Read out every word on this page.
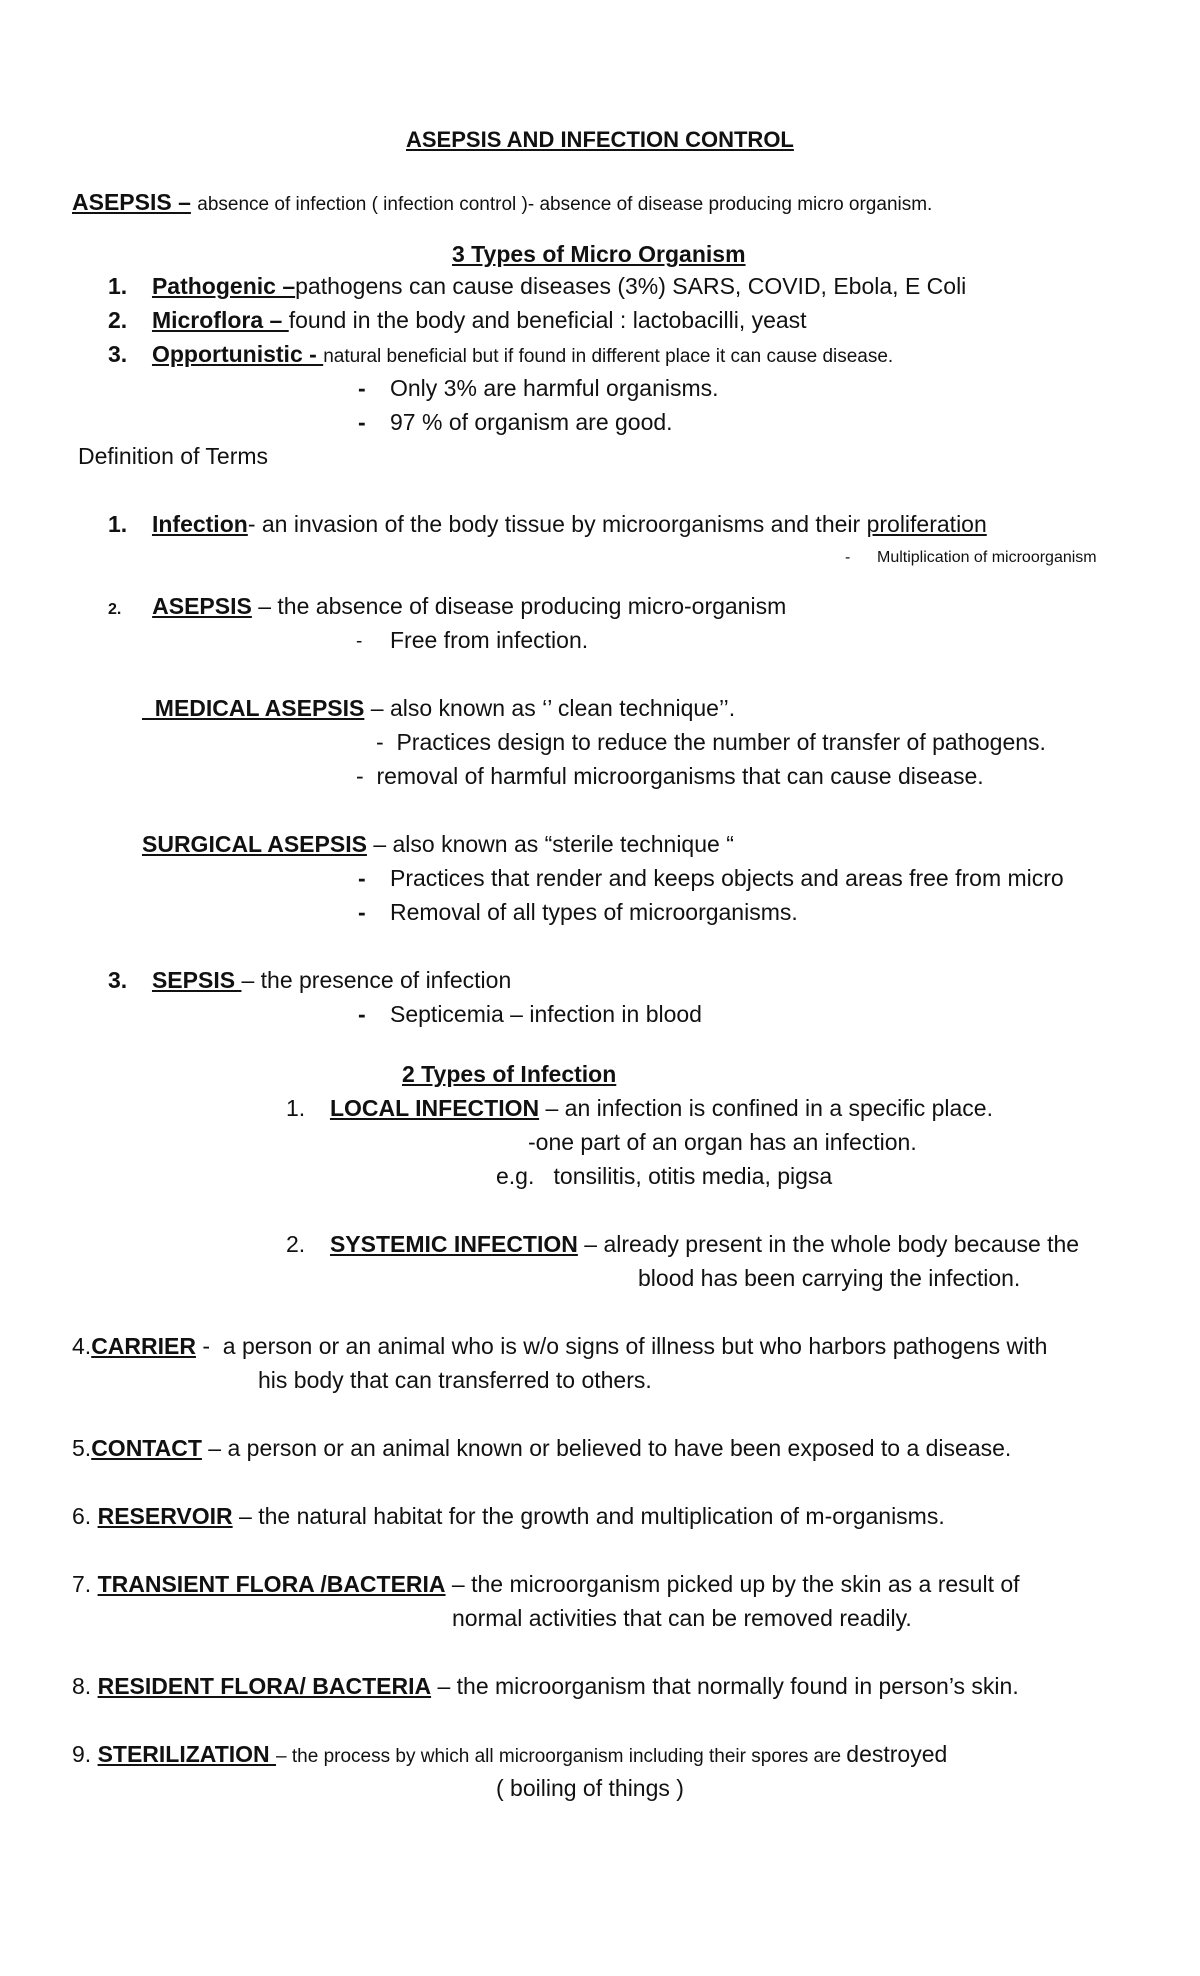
ASEPSIS AND INFECTION CONTROL
ASEPSIS – absence of infection ( infection control )- absence of disease producing micro organism.
3 Types of Micro Organism
1. Pathogenic –pathogens can cause diseases (3%) SARS, COVID, Ebola, E Coli
2. Microflora – found in the body and beneficial : lactobacilli, yeast
3. Opportunistic - natural beneficial but if found in different place it can cause disease.
- Only 3% are harmful organisms.
- 97 % of organism are good.
Definition of Terms
1. Infection- an invasion of the body tissue by microorganisms and their proliferation
- Multiplication of microorganism
2. ASEPSIS – the absence of disease producing micro-organism
- Free from infection.
MEDICAL ASEPSIS – also known as ‘’ clean technique’’.
-  Practices design to reduce the number of transfer of pathogens.
-  removal of harmful microorganisms that can cause disease.
SURGICAL ASEPSIS – also known as “sterile technique “
- Practices that render and keeps objects and areas free from micro
- Removal of all types of microorganisms.
3. SEPSIS – the presence of infection
- Septicemia – infection in blood
2 Types of Infection
1. LOCAL INFECTION – an infection is confined in a specific place.
-one part of an organ has an infection.
e.g.   tonsilitis, otitis media, pigsa
2. SYSTEMIC INFECTION – already present in the whole body because the
blood has been carrying the infection.
4.CARRIER -  a person or an animal who is w/o signs of illness but who harbors pathogens with
his body that can transferred to others.
5.CONTACT – a person or an animal known or believed to have been exposed to a disease.
6. RESERVOIR – the natural habitat for the growth and multiplication of m-organisms.
7. TRANSIENT FLORA /BACTERIA – the microorganism picked up by the skin as a result of
normal activities that can be removed readily.
8. RESIDENT FLORA/ BACTERIA – the microorganism that normally found in person’s skin.
9. STERILIZATION – the process by which all microorganism including their spores are destroyed
( boiling of things )
